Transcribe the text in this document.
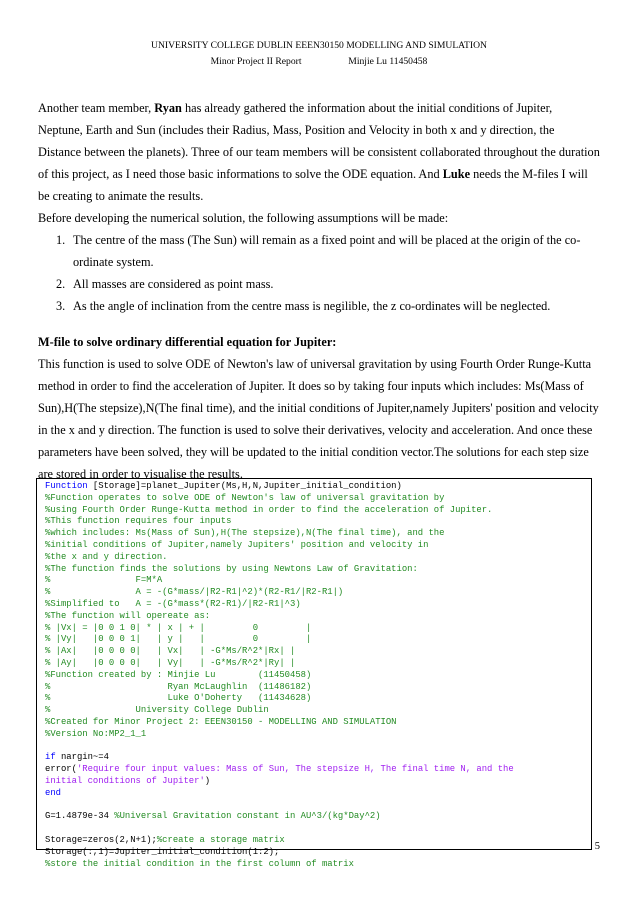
UNIVERSITY COLLEGE DUBLIN EEEN30150 MODELLING AND SIMULATION
Minor Project II Report	Minjie Lu 11450458
Another team member, Ryan has already gathered the information about the initial conditions of Jupiter, Neptune, Earth and Sun (includes their Radius, Mass, Position and Velocity in both x and y direction, the Distance between the planets). Three of our team members will be consistent collaborated throughout the duration of this project, as I need those basic informations to solve the ODE equation. And Luke needs the M-files I will be creating to animate the results.
Before developing the numerical solution, the following assumptions will be made:
1. The centre of the mass (The Sun) will remain as a fixed point and will be placed at the origin of the co-ordinate system.
2. All masses are considered as point mass.
3. As the angle of inclination from the centre mass is negilible, the z co-ordinates will be neglected.
M-file to solve ordinary differential equation for Jupiter:
This function is used to solve ODE of Newton's law of universal gravitation by using Fourth Order Runge-Kutta method in order to find the acceleration of Jupiter. It does so by taking four inputs which includes: Ms(Mass of Sun),H(The stepsize),N(The final time), and the initial conditions of Jupiter,namely Jupiters' position and velocity in the x and y direction. The function is used to solve their derivatives, velocity and acceleration. And once these parameters have been solved, they will be updated to the initial condition vector.The solutions for each step size are stored in order to visualise the results.
Function [Storage]=planet_Jupiter(Ms,H,N,Jupiter_initial_condition)
%Function operates to solve ODE of Newton's law of universal gravitation by
%using Fourth Order Runge-Kutta method in order to find the acceleration of Jupiter.
%This function requires four inputs
%which includes: Ms(Mass of Sun),H(The stepsize),N(The final time), and the
%initial conditions of Jupiter,namely Jupiters' position and velocity in
%the x and y direction.
%The function finds the solutions by using Newtons Law of Gravitation:
%                F=M*A
%                A = -(G*mass/|R2-R1|^2)*(R2-R1/|R2-R1|)
%Simplified to   A = -(G*mass*(R2-R1)/|R2-R1|^3)
%The function will opereate as:
% |Vx| = |0 0 1 0| * | x | + |         0         |
% |Vy|   |0 0 0 1|   | y |   |         0         |
% |Ax|   |0 0 0 0|   | Vx|   | -G*Ms/R^2*|Rx| |
% |Ay|   |0 0 0 0|   | Vy|   | -G*Ms/R^2*|Ry| |
%Function created by : Minjie Lu        (11450458)
%                      Ryan McLaughlin  (11486182)
%                      Luke O'Doherty   (11434628)
%                University College Dublin
%Created for Minor Project 2: EEEN30150 - MODELLING AND SIMULATION
%Version No:MP2_1_1
if nargin~=4
error('Require four input values: Mass of Sun, The stepsize H, The final time N, and the
initial conditions of Jupiter')
end
G=1.4879e-34 %Universal Gravitation constant in AU^3/(kg*Day^2)
Storage=zeros(2,N+1);%create a storage matrix
Storage(:,1)=Jupiter_initial_condition(1:2);
%store the initial condition in the first column of matrix
5
